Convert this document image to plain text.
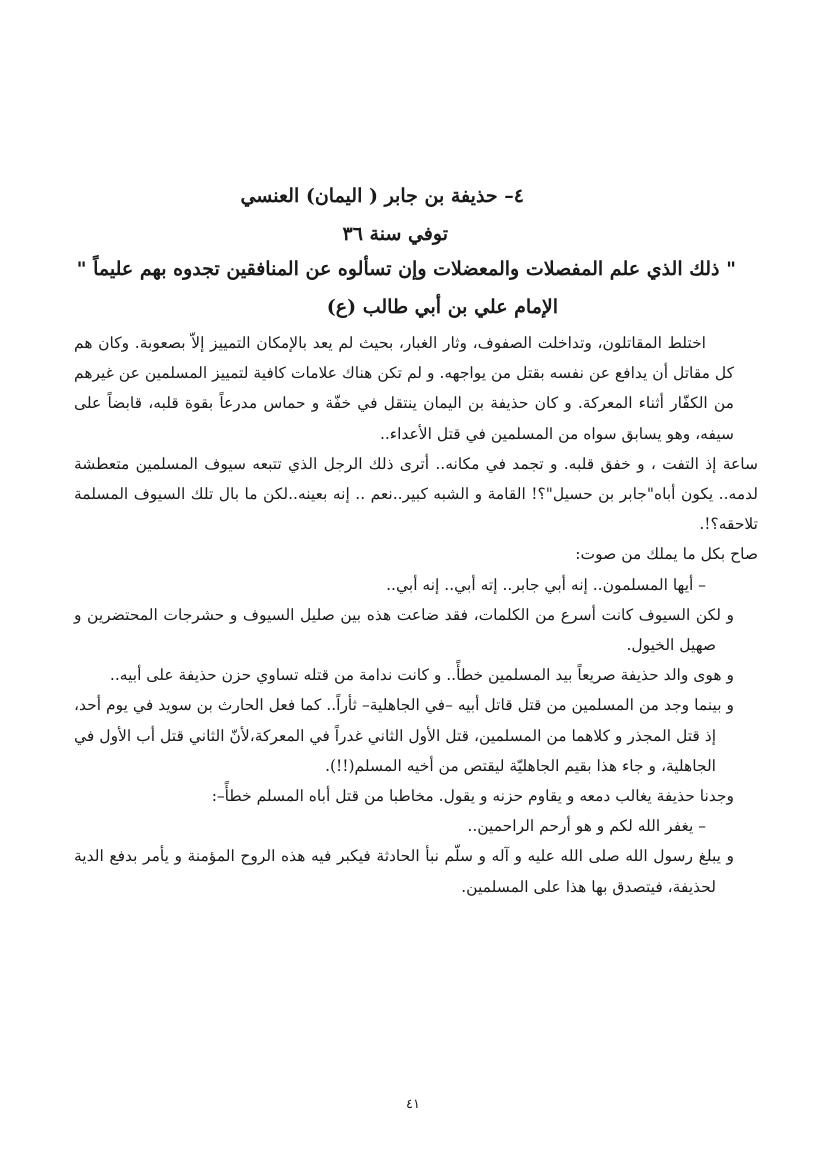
٤– حذيفة بن جابر ( اليمان) العنسي
توفي سنة ٣٦
" ذلك الذي علم المفصلات والمعضلات وإن تسألوه عن المنافقين تجدوه بهم عليماً "
الإمام علي بن أبي طالب (ع)

اختلط المقاتلون، وتداخلت الصفوف، وثار الغبار، بحيث لم يعد بالإمكان التمييز إلاّ بصعوبة. وكان هم كل مقاتل أن يدافع عن نفسه بقتل من يواجهه. و لم تكن هناك علامات كافية لتمييز المسلمين عن غيرهم من الكفّار أثناء المعركة. و كان حذيفة بن اليمان ينتقل في خفّة و حماس مدرعاً بقوة قلبه، قابضاً على سيفه، وهو يسابق سواه من المسلمين في قتل الأعداء..

ساعة إذ التفت ، و خفق قلبه. و تجمد في مكانه.. أترى ذلك الرجل الذي تتبعه سيوف المسلمين متعطشة لدمه.. يكون أباه"جابر بن حسيل"؟! القامة و الشبه كبير..نعم .. إنه بعينه..لكن ما بال تلك السيوف المسلمة تلاحقه؟!.

صاح بكل ما يملك من صوت:

– أيها المسلمون.. إنه أبي جابر.. إته أبي.. إنه أبي..

و لكن السيوف كانت أسرع من الكلمات، فقد ضاعت هذه بين صليل السيوف و حشرجات المحتضرين و صهيل الخيول.

و هوى والد حذيفة صريعاً بيد المسلمين خطأً.. و كانت ندامة من قتله تساوي حزن حذيفة على أبيه..

و بينما وجد من المسلمين من قتل قاتل أبيه –في الجاهلية– ثأراً.. كما فعل الحارث بن سويد في يوم أحد، إذ قتل المجذر و كلاهما من المسلمين، قتل الأول الثاني غدراً في المعركة،لأنّ الثاني قتل أب الأول في الجاهلية، و جاء هذا بقيم الجاهليّة ليقتص من أخيه المسلم(!!).

وجدنا حذيفة يغالب دمعه و يقاوم حزنه و يقول. مخاطبا من قتل أباه المسلم خطأً–:

– يغفر الله لكم و هو أرحم الراحمين..

و يبلغ رسول الله صلى الله عليه و آله و سلّم نبأ الحادثة فيكبر فيه هذه الروح المؤمنة و يأمر بدفع الدية لحذيفة، فيتصدق بها هذا على المسلمين.

٤١
